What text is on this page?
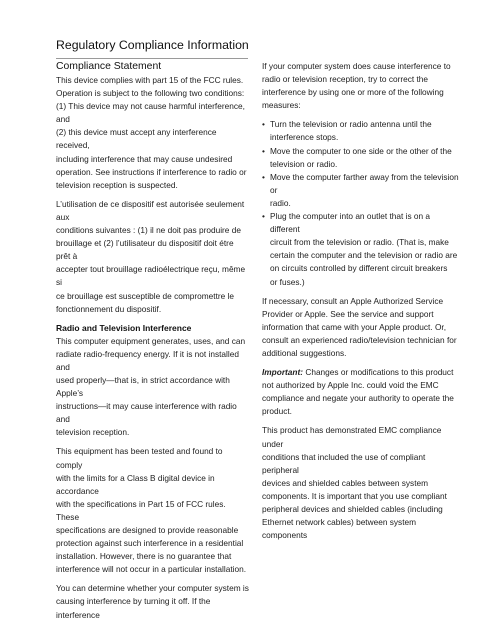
Regulatory Compliance Information
Compliance Statement

This device complies with part 15 of the FCC rules.
Operation is subject to the following two conditions:
(1) This device may not cause harmful interference, and
(2) this device must accept any interference received,
including interference that may cause undesired
operation. See instructions if interference to radio or
television reception is suspected.

L’utilisation de ce dispositif est autorisée seulement aux
conditions suivantes : (1) il ne doit pas produire de
brouillage et (2) l’utilisateur du dispositif doit étre prêt à
accepter tout brouillage radioélectrique reçu, même si
ce brouillage est susceptible de compromettre le
fonctionnement du dispositif.

Radio and Television Interference

This computer equipment generates, uses, and can
radiate radio-frequency energy. If it is not installed and
used properly—that is, in strict accordance with Apple’s
instructions—it may cause interference with radio and
television reception.

This equipment has been tested and found to comply
with the limits for a Class B digital device in accordance
with the specifications in Part 15 of FCC rules. These
specifications are designed to provide reasonable
protection against such interference in a residential
installation. However, there is no guarantee that
interference will not occur in a particular installation.

You can determine whether your computer system is
causing interference by turning it off. If the interference

If your computer system does cause interference to
radio or television reception, try to correct the
interference by using one or more of the following
measures:

• Turn the television or radio antenna until the
interference stops.
• Move the computer to one side or the other of the
television or radio.
• Move the computer farther away from the television or
radio.
• Plug the computer into an outlet that is on a different
circuit from the television or radio. (That is, make
certain the computer and the television or radio are
on circuits controlled by different circuit breakers
or fuses.)

If necessary, consult an Apple Authorized Service
Provider or Apple. See the service and support
information that came with your Apple product. Or,
consult an experienced radio/television technician for
additional suggestions.

Important: Changes or modifications to this product
not authorized by Apple Inc. could void the EMC
compliance and negate your authority to operate the
product.

This product has demonstrated EMC compliance under
conditions that included the use of compliant peripheral
devices and shielded cables between system
components. It is important that you use compliant
peripheral devices and shielded cables (including
Ethernet network cables) between system components
